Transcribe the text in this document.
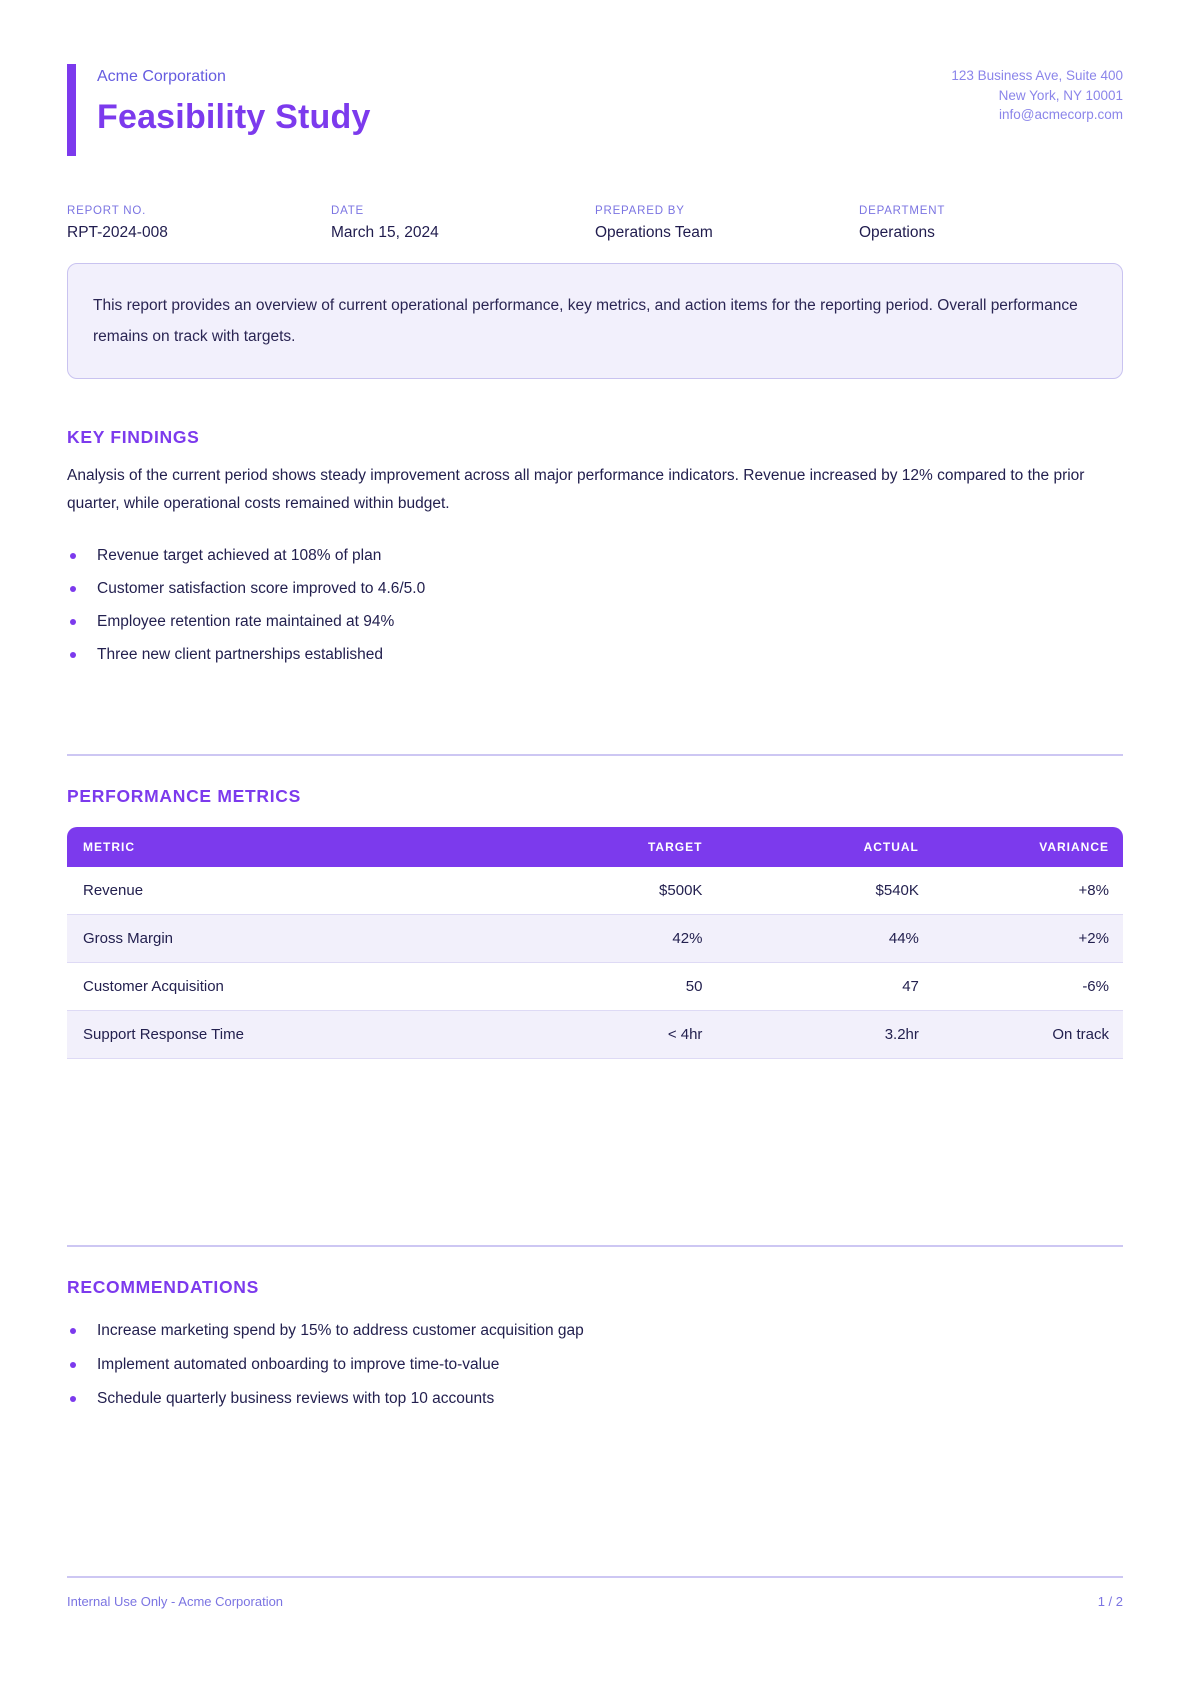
Acme Corporation
Feasibility Study
123 Business Ave, Suite 400
New York, NY 10001
info@acmecorp.com
REPORT NO.
RPT-2024-008
DATE
March 15, 2024
PREPARED BY
Operations Team
DEPARTMENT
Operations
This report provides an overview of current operational performance, key metrics, and action items for the reporting period. Overall performance remains on track with targets.
KEY FINDINGS

Analysis of the current period shows steady improvement across all major performance indicators. Revenue increased by 12% compared to the prior quarter, while operational costs remained within budget.

Revenue target achieved at 108% of plan
Customer satisfaction score improved to 4.6/5.0
Employee retention rate maintained at 94%
Three new client partnerships established
PERFORMANCE METRICS
METRIC	TARGET	ACTUAL	VARIANCE
Revenue	$500K	$540K	+8%
Gross Margin	42%	44%	+2%
Customer Acquisition	50	47	-6%
Support Response Time	< 4hr	3.2hr	On track
RECOMMENDATIONS
Increase marketing spend by 15% to address customer acquisition gap
Implement automated onboarding to improve time-to-value
Schedule quarterly business reviews with top 10 accounts
Internal Use Only - Acme Corporation	1 / 2
